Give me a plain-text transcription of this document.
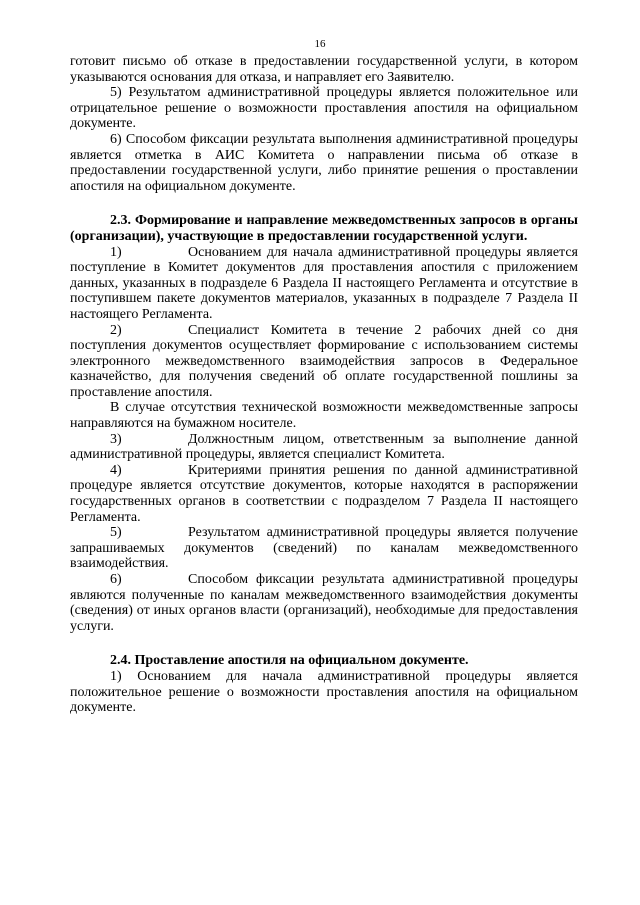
16

готовит письмо об отказе в предоставлении государственной услуги, в котором указываются основания для отказа, и направляет его Заявителю.

5) Результатом административной процедуры является положительное или отрицательное решение о возможности проставления апостиля на официальном документе.

6) Способом фиксации результата выполнения административной процедуры является отметка в АИС Комитета о направлении письма об отказе в предоставлении государственной услуги, либо принятие решения о проставлении апостиля на официальном документе.

2.3. Формирование и направление межведомственных запросов в органы (организации), участвующие в предоставлении государственной услуги.

1)	Основанием для начала административной процедуры является поступление в Комитет документов для проставления апостиля с приложением данных, указанных в подразделе 6 Раздела II настоящего Регламента и отсутствие в поступившем пакете документов материалов, указанных в подразделе 7 Раздела II настоящего Регламента.

2)	Специалист Комитета в течение 2 рабочих дней со дня поступления документов осуществляет формирование с использованием системы электронного межведомственного взаимодействия запросов в Федеральное казначейство, для получения сведений об оплате государственной пошлины за проставление апостиля.

В случае отсутствия технической возможности межведомственные запросы направляются на бумажном носителе.

3)	Должностным лицом, ответственным за выполнение данной административной процедуры, является специалист Комитета.

4)	Критериями принятия решения по данной административной процедуре является отсутствие документов, которые находятся в распоряжении государственных органов в соответствии с подразделом 7 Раздела II настоящего Регламента.

5)	Результатом административной процедуры является получение запрашиваемых документов (сведений) по каналам межведомственного взаимодействия.

6)	Способом фиксации результата административной процедуры являются полученные по каналам межведомственного взаимодействия документы (сведения) от иных органов власти (организаций), необходимые для предоставления услуги.

2.4. Проставление апостиля на официальном документе.

1) Основанием для начала административной процедуры является положительное решение о возможности проставления апостиля на официальном документе.
